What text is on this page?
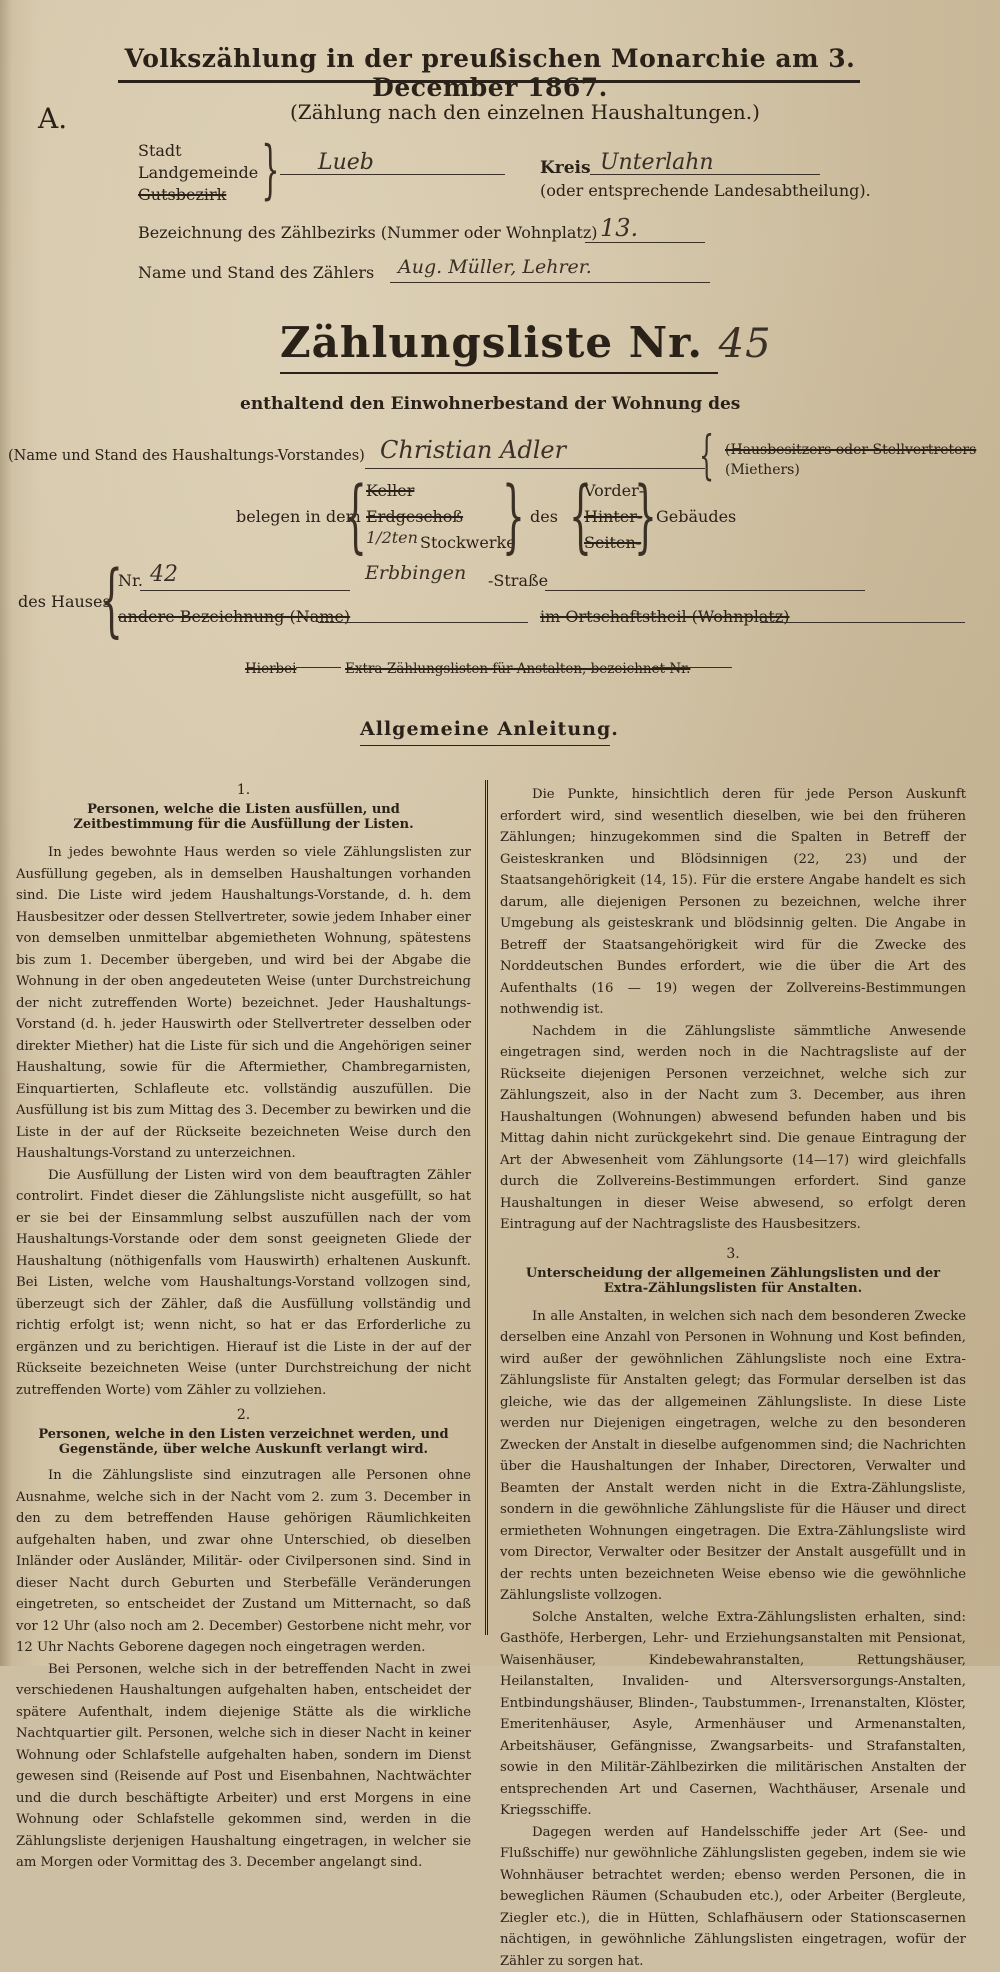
Volkszählung in der preußischen Monarchie am 3. December 1867.
A.	(Zählung nach den einzelnen Haushaltungen.)
Stadt
Landgemeinde
Gutsbezirk } Lueb	Kreis Unterlahn
(oder entsprechende Landesabtheilung).
Bezeichnung des Zählbezirks (Nummer oder Wohnplatz) 13.
Name und Stand des Zählers Aug. Müller, Lehrer.
Zählungsliste Nr. 45
enthaltend den Einwohnerbestand der Wohnung des
(Name und Stand des Haushaltungs-Vorstandes) Christian Adler	{ (Hausbesitzers oder Stellvertreters
(Miethers)
belegen in dem
{ Keller
Erdgeschoß
1/2ten Stockwerke
} des {
Vorder-
Hinter-
Seiten-
} Gebäudes
des Hauses
{
Nr. 42	Erbbingen -Straße
andere Bezeichnung (Name)	im Ortschaftstheil (Wohnplatz)
Hierbei	Extra-Zählungslisten für Anstalten, bezeichnet Nr.
Allgemeine Anleitung.
1.
Personen, welche die Listen ausfüllen, und Zeitbestimmung für die Ausfüllung der Listen.

In jedes bewohnte Haus werden so viele Zählungslisten zur Ausfüllung gegeben, als in demselben Haushaltungen vorhanden sind. Die Liste wird jedem Haushaltungs-Vorstande, d. h. dem Hausbesitzer oder dessen Stellvertreter, sowie jedem Inhaber einer von demselben unmittelbar abgemietheten Wohnung, spätestens bis zum 1. December übergeben, und wird bei der Abgabe die Wohnung in der oben angedeuteten Weise (unter Durchstreichung der nicht zutreffenden Worte) bezeichnet. Jeder Haushaltungs-Vorstand (d. h. jeder Hauswirth oder Stellvertreter desselben oder direkter Miether) hat die Liste für sich und die Angehörigen seiner Haushaltung, sowie für die Aftermiether, Chambregarnisten, Einquartierten, Schlafleute etc. vollständig auszufüllen. Die Ausfüllung ist bis zum Mittag des 3. December zu bewirken und die Liste in der auf der Rückseite bezeichneten Weise durch den Haushaltungs-Vorstand zu unterzeichnen.

Die Ausfüllung der Listen wird von dem beauftragten Zähler controlirt. Findet dieser die Zählungsliste nicht ausgefüllt, so hat er sie bei der Einsammlung selbst auszufüllen nach der vom Haushaltungs-Vorstande oder dem sonst geeigneten Gliede der Haushaltung (nöthigenfalls vom Hauswirth) erhaltenen Auskunft. Bei Listen, welche vom Haushaltungs-Vorstand vollzogen sind, überzeugt sich der Zähler, daß die Ausfüllung vollständig und richtig erfolgt ist; wenn nicht, so hat er das Erforderliche zu ergänzen und zu berichtigen. Hierauf ist die Liste in der auf der Rückseite bezeichneten Weise (unter Durchstreichung der nicht zutreffenden Worte) vom Zähler zu vollziehen.

2.
Personen, welche in den Listen verzeichnet werden, und Gegenstände, über welche Auskunft verlangt wird.

In die Zählungsliste sind einzutragen alle Personen ohne Ausnahme, welche sich in der Nacht vom 2. zum 3. December in den zu dem betreffenden Hause gehörigen Räumlichkeiten aufgehalten haben, und zwar ohne Unterschied, ob dieselben Inländer oder Ausländer, Militär- oder Civilpersonen sind. Sind in dieser Nacht durch Geburten und Sterbefälle Veränderungen eingetreten, so entscheidet der Zustand um Mitternacht, so daß vor 12 Uhr (also noch am 2. December) Gestorbene nicht mehr, vor 12 Uhr Nachts Geborene dagegen noch eingetragen werden.

Bei Personen, welche sich in der betreffenden Nacht in zwei verschiedenen Haushaltungen aufgehalten haben, entscheidet der spätere Aufenthalt, indem diejenige Stätte als die wirkliche Nachtquartier gilt. Personen, welche sich in dieser Nacht in keiner Wohnung oder Schlafstelle aufgehalten haben, sondern im Dienst gewesen sind (Reisende auf Post und Eisenbahnen, Nachtwächter und die durch beschäftigte Arbeiter) und erst Morgens in eine Wohnung oder Schlafstelle gekommen sind, werden in die Zählungsliste derjenigen Haushaltung eingetragen, in welcher sie am Morgen oder Vormittag des 3. December angelangt sind.

Die Punkte, hinsichtlich deren für jede Person Auskunft erfordert wird, sind wesentlich dieselben, wie bei den früheren Zählungen; hinzugekommen sind die Spalten in Betreff der Geisteskranken und Blödsinnigen (22, 23) und der Staatsangehörigkeit (14, 15). Für die erstere Angabe handelt es sich darum, alle diejenigen Personen zu bezeichnen, welche ihrer Umgebung als geisteskrank und blödsinnig gelten. Die Angabe in Betreff der Staatsangehörigkeit wird für die Zwecke des Norddeutschen Bundes erfordert, wie die über die Art des Aufenthalts (16 — 19) wegen der Zollvereins-Bestimmungen nothwendig ist.

Nachdem in die Zählungsliste sämmtliche Anwesende eingetragen sind, werden noch in die Nachtragsliste auf der Rückseite diejenigen Personen verzeichnet, welche sich zur Zählungszeit, also in der Nacht zum 3. December, aus ihren Haushaltungen (Wohnungen) abwesend befunden haben und bis Mittag dahin nicht zurückgekehrt sind. Die genaue Eintragung der Art der Abwesenheit vom Zählungsorte (14—17) wird gleichfalls durch die Zollvereins-Bestimmungen erfordert. Sind ganze Haushaltungen in dieser Weise abwesend, so erfolgt deren Eintragung auf der Nachtragsliste des Hausbesitzers.

3.
Unterscheidung der allgemeinen Zählungslisten und der Extra-Zählungslisten für Anstalten.

In alle Anstalten, in welchen sich nach dem besonderen Zwecke derselben eine Anzahl von Personen in Wohnung und Kost befinden, wird außer der gewöhnlichen Zählungsliste noch eine Extra-Zählungsliste für Anstalten gelegt; das Formular derselben ist das gleiche, wie das der allgemeinen Zählungsliste. In diese Liste werden nur Diejenigen eingetragen, welche zu den besonderen Zwecken der Anstalt in dieselbe aufgenommen sind; die Nachrichten über die Haushaltungen der Inhaber, Directoren, Verwalter und Beamten der Anstalt werden nicht in die Extra-Zählungsliste, sondern in die gewöhnliche Zählungsliste für die Häuser und direct ermietheten Wohnungen eingetragen. Die Extra-Zählungsliste wird vom Director, Verwalter oder Besitzer der Anstalt ausgefüllt und in der rechts unten bezeichneten Weise ebenso wie die gewöhnliche Zählungsliste vollzogen.

Solche Anstalten, welche Extra-Zählungslisten erhalten, sind: Gasthöfe, Herbergen, Lehr- und Erziehungsanstalten mit Pensionat, Waisenhäuser, Kindebewahranstalten, Rettungshäuser, Heilanstalten, Invaliden- und Altersversorgungs-Anstalten, Entbindungshäuser, Blinden-, Taubstummen-, Irrenanstalten, Klöster, Emeritenhäuser, Asyle, Armenhäuser und Armenanstalten, Arbeitshäuser, Gefängnisse, Zwangsarbeits- und Strafanstalten, sowie in den Militär-Zählbezirken die militärischen Anstalten der entsprechenden Art und Casernen, Wachthäuser, Arsenale und Kriegsschiffe.

Dagegen werden auf Handelsschiffe jeder Art (See- und Flußschiffe) nur gewöhnliche Zählungslisten gegeben, indem sie wie Wohnhäuser betrachtet werden; ebenso werden Personen, die in beweglichen Räumen (Schaubuden etc.), oder Arbeiter (Bergleute, Ziegler etc.), die in Hütten, Schlafhäusern oder Stationscasernen nächtigen, in gewöhnliche Zählungslisten eingetragen, wofür der Zähler zu sorgen hat.
